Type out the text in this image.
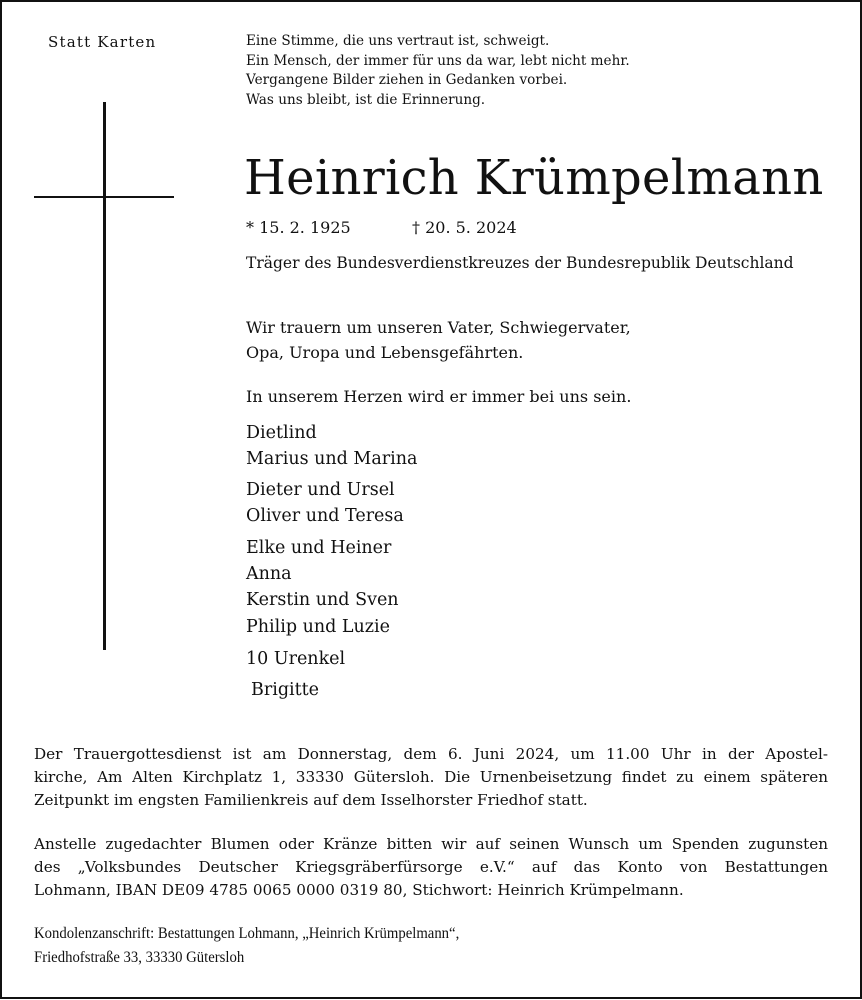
Statt Karten	Eine Stimme, die uns vertraut ist, schweigt.
Ein Mensch, der immer für uns da war, lebt nicht mehr.
Vergangene Bilder ziehen in Gedanken vorbei.
Was uns bleibt, ist die Erinnerung.
Heinrich Krümpelmann
* 15. 2. 1925	† 20. 5. 2024
Träger des Bundesverdienstkreuzes der Bundesrepublik Deutschland
Wir trauern um unseren Vater, Schwiegervater,
Opa, Uropa und Lebensgefährten.
In unserem Herzen wird er immer bei uns sein.
Dietlind
Marius und Marina
Dieter und Ursel
Oliver und Teresa
Elke und Heiner
Anna
Kerstin und Sven
Philip und Luzie
10 Urenkel
Brigitte
Der Trauergottesdienst ist am Donnerstag, dem 6. Juni 2024, um 11.00 Uhr in der Apostel-
kirche, Am Alten Kirchplatz 1, 33330 Gütersloh. Die Urnenbeisetzung findet zu einem späteren
Zeitpunkt im engsten Familienkreis auf dem Isselhorster Friedhof statt.
Anstelle zugedachter Blumen oder Kränze bitten wir auf seinen Wunsch um Spenden zugunsten
des „Volksbundes Deutscher Kriegsgräberfürsorge e.V.“ auf das Konto von Bestattungen
Lohmann, IBAN DE09 4785 0065 0000 0319 80, Stichwort: Heinrich Krümpelmann.
Kondolenzanschrift: Bestattungen Lohmann, „Heinrich Krümpelmann“,
Friedhofstraße 33, 33330 Gütersloh
